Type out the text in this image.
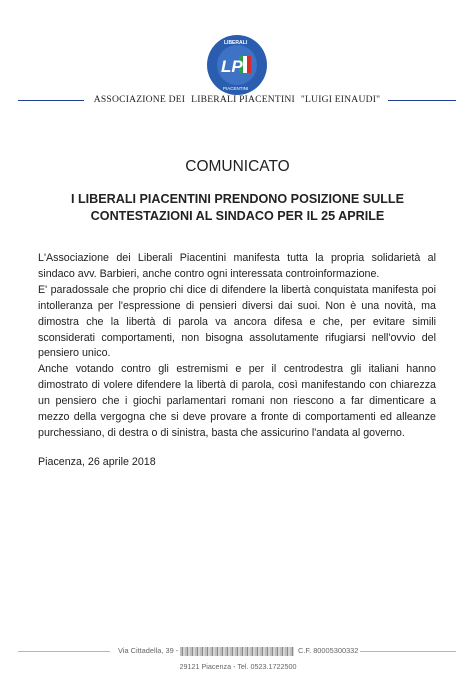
LP
LIBERALI
PIACENTINI
ASSOCIAZIONE DEI LIBERALI PIACENTINI "LUIGI EINAUDI"
COMUNICATO
I LIBERALI PIACENTINI PRENDONO POSIZIONE SULLE
CONTESTAZIONI AL SINDACO PER IL 25 APRILE

L'Associazione dei Liberali Piacentini manifesta tutta la propria solidarietà al sindaco avv. Barbieri, anche contro ogni interessata controinformazione.

E' paradossale che proprio chi dice di difendere la libertà conquistata manifesta poi intolleranza per l'espressione di pensieri diversi dai suoi. Non è una novità, ma dimostra che la libertà di parola va ancora difesa e che, per evitare simili sconsiderati comportamenti, non bisogna assolutamente rifugiarsi nell'ovvio del pensiero unico.

Anche votando contro gli estremismi e per il centrodestra gli italiani hanno dimostrato di volere difendere la libertà di parola, così manifestando con chiarezza un pensiero che i giochi parlamentari romani non riescono a far dimenticare a mezzo della vergogna che si deve provare a fronte di comportamenti ed alleanze purchessiano, di destra o di sinistra, basta che assicurino l'andata al governo.

Piacenza, 26 aprile 2018

Via Cittadella, 39 -	C.F. 80005300332
29121 Piacenza - Tel. 0523.1722500
